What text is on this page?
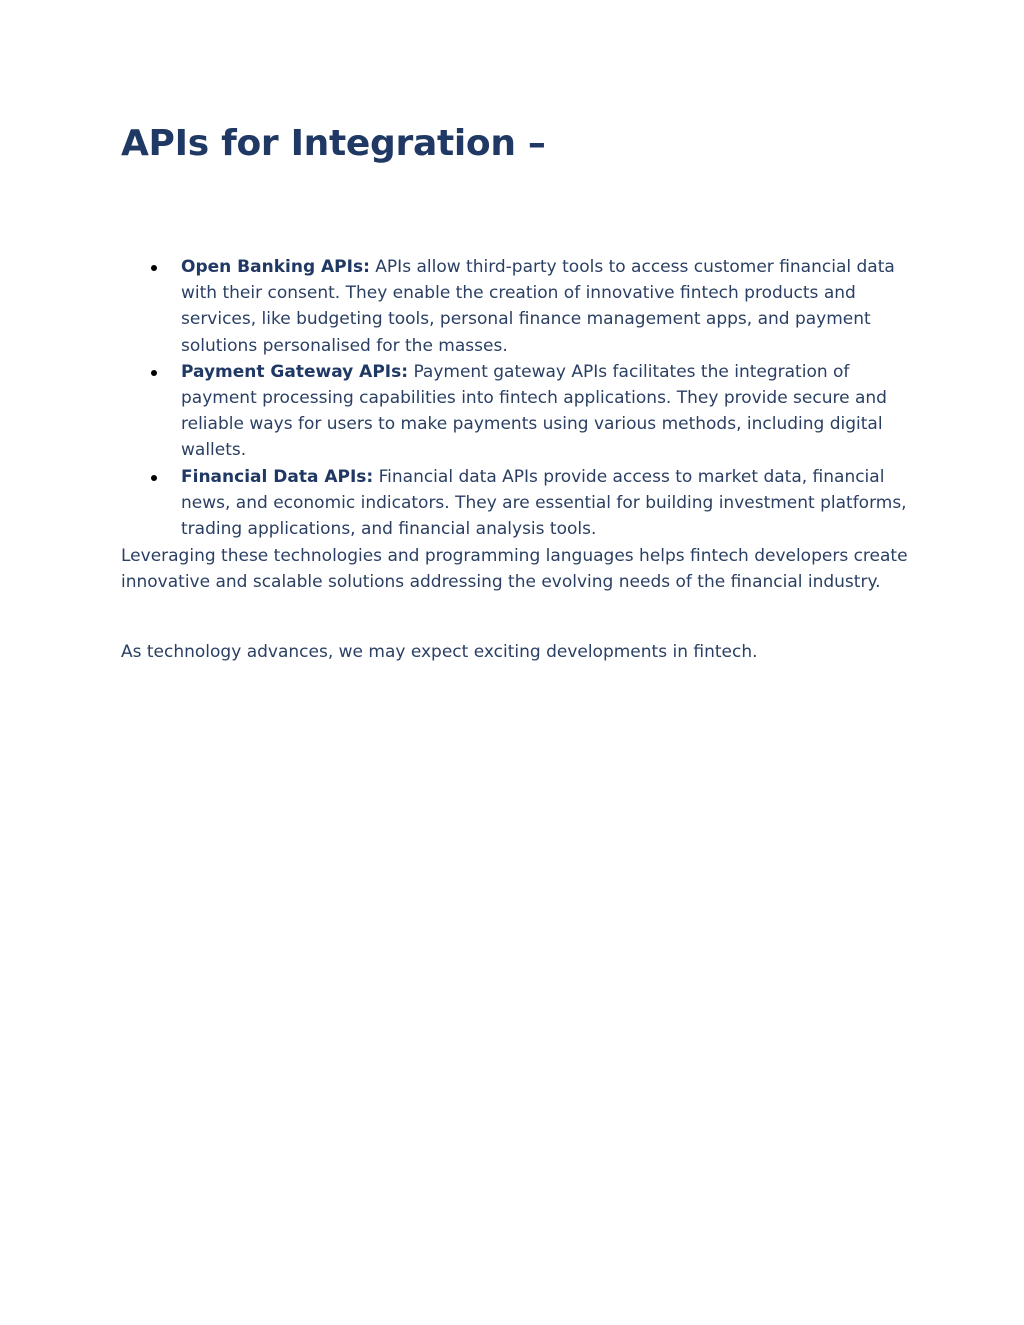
APIs for Integration –
Open Banking APIs: APIs allow third-party tools to access customer financial data with their consent. They enable the creation of innovative fintech products and services, like budgeting tools, personal finance management apps, and payment solutions personalised for the masses.
Payment Gateway APIs: Payment gateway APIs facilitates the integration of payment processing capabilities into fintech applications. They provide secure and reliable ways for users to make payments using various methods, including digital wallets.
Financial Data APIs: Financial data APIs provide access to market data, financial news, and economic indicators. They are essential for building investment platforms, trading applications, and financial analysis tools.

Leveraging these technologies and programming languages helps fintech developers create innovative and scalable solutions addressing the evolving needs of the financial industry.

As technology advances, we may expect exciting developments in fintech.
